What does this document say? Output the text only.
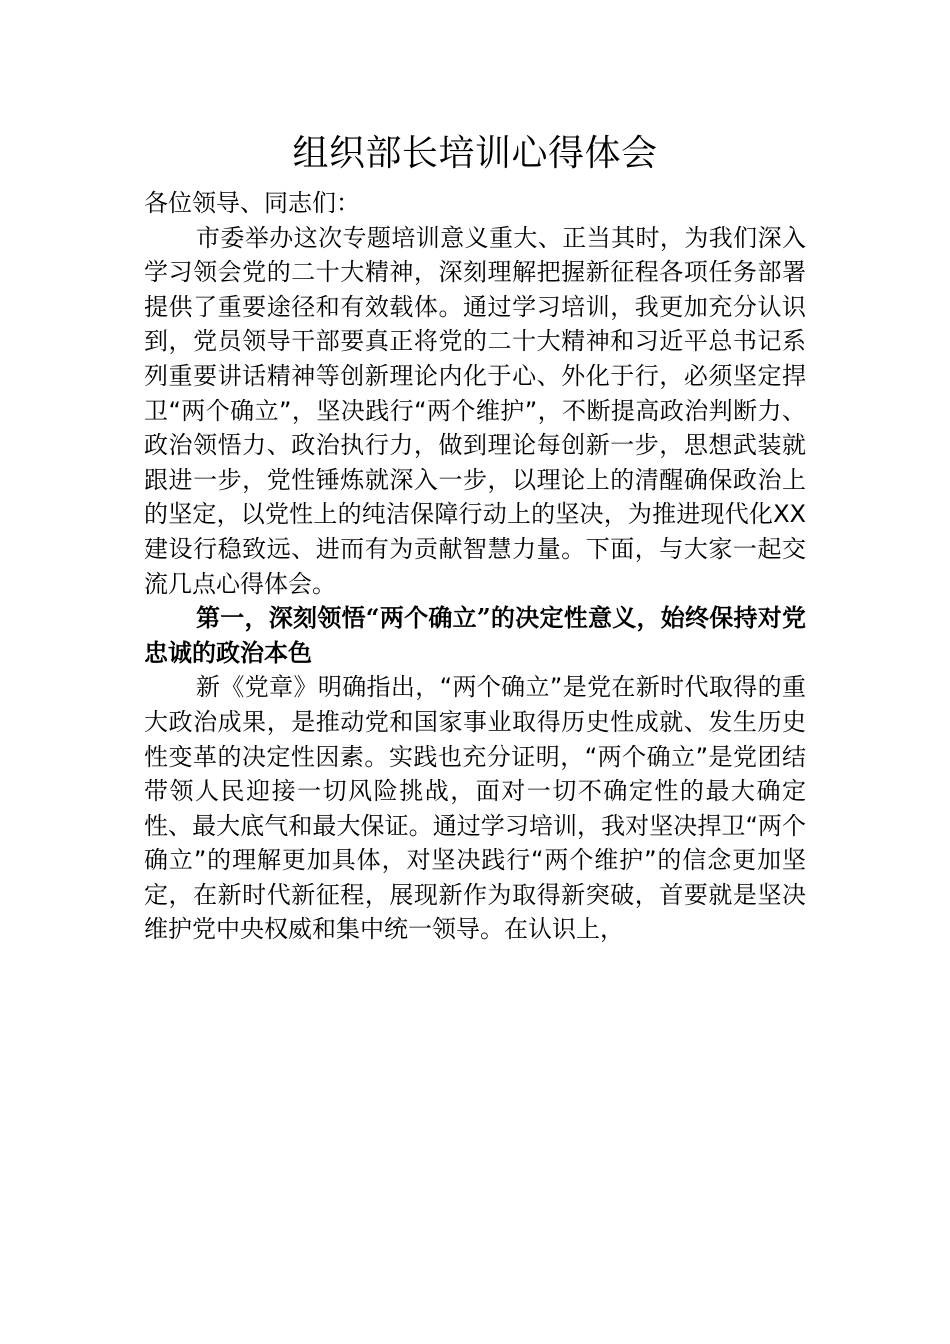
组织部长培训心得体会

各位领导、同志们：

市委举办这次专题培训意义重大、正当其时，为我们深入学习领会党的二十大精神，深刻理解把握新征程各项任务部署提供了重要途径和有效载体。通过学习培训，我更加充分认识到，党员领导干部要真正将党的二十大精神和习近平总书记系列重要讲话精神等创新理论内化于心、外化于行，必须坚定捍卫“两个确立”，坚决践行“两个维护”，不断提高政治判断力、政治领悟力、政治执行力，做到理论每创新一步，思想武装就跟进一步，党性锤炼就深入一步，以理论上的清醒确保政治上的坚定，以党性上的纯洁保障行动上的坚决，为推进现代化XX建设行稳致远、进而有为贡献智慧力量。下面，与大家一起交流几点心得体会。

第一，深刻领悟“两个确立”的决定性意义，始终保持对党忠诚的政治本色

新《党章》明确指出，“两个确立”是党在新时代取得的重大政治成果，是推动党和国家事业取得历史性成就、发生历史性变革的决定性因素。实践也充分证明，“两个确立”是党团结带领人民迎接一切风险挑战，面对一切不确定性的最大确定性、最大底气和最大保证。通过学习培训，我对坚决捍卫“两个确立”的理解更加具体，对坚决践行“两个维护”的信念更加坚定，在新时代新征程，展现新作为取得新突破，首要就是坚决维护党中央权威和集中统一领导。在认识上，
